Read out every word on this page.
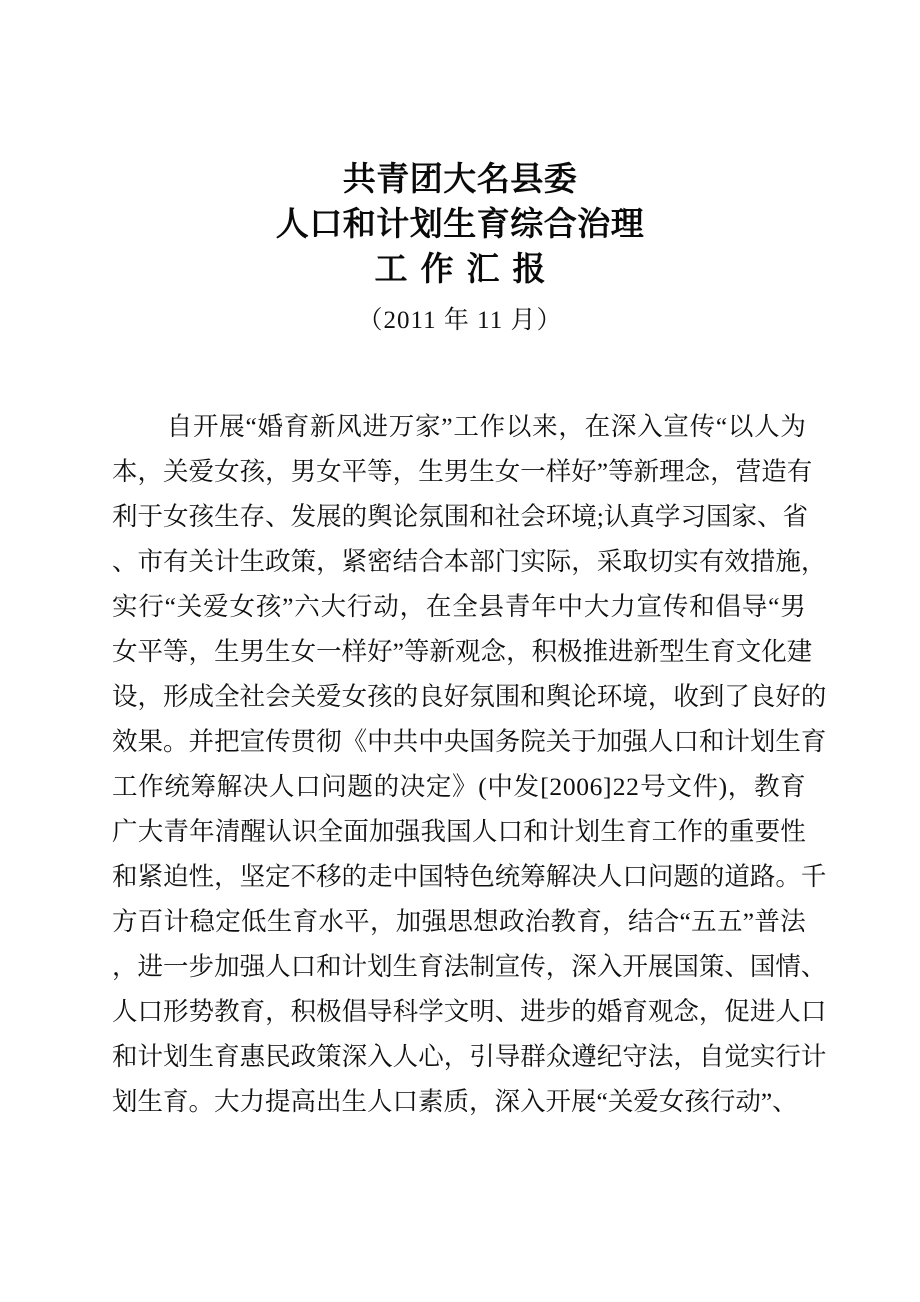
共青团大名县委
人口和计划生育综合治理
工作汇报
（2011 年 11 月）
自 开 展 “ 婚 育 新 风 进 万 家 ” 工 作 以 来 ， 在 深 入 宣 传 “ 以 人 为
本 ， 关 爱 女 孩 ， 男 女 平 等 ， 生 男 生 女 一 样 好 ” 等 新 理 念 ， 营 造 有
利 于 女 孩 生 存 、 发 展 的 舆 论 氛 围 和 社 会 环 境 ; 认 真 学 习 国 家 、 省
、 市 有 关 计 生 政 策 ， 紧 密 结 合 本 部 门 实 际 ， 采 取 切 实 有 效 措 施 ，
实 行 “ 关 爱 女 孩 ” 六 大 行 动 ， 在 全 县 青 年 中 大 力 宣 传 和 倡 导 “ 男
女 平 等 ， 生 男 生 女 一 样 好 ” 等 新 观 念 ， 积 极 推 进 新 型 生 育 文 化 建
设 ， 形 成 全 社 会 关 爱 女 孩 的 良 好 氛 围 和 舆 论 环 境 ， 收 到 了 良 好 的
效 果 。 并 把 宣 传 贯 彻 《 中 共 中 央 国 务 院 关 于 加 强 人 口 和 计 划 生 育
工 作 统 筹 解 决 人 口 问 题 的 决 定 》 ( 中 发 [ 2 0 0 6 ] 2 2 号 文 件 ) ， 教 育
广 大 青 年 清 醒 认 识 全 面 加 强 我 国 人 口 和 计 划 生 育 工 作 的 重 要 性
和 紧 迫 性 ， 坚 定 不 移 的 走 中 国 特 色 统 筹 解 决 人 口 问 题 的 道 路 。 千
方 百 计 稳 定 低 生 育 水 平 ， 加 强 思 想 政 治 教 育 ， 结 合 “ 五 五 ” 普 法
， 进 一 步 加 强 人 口 和 计 划 生 育 法 制 宣 传 ， 深 入 开 展 国 策 、 国 情 、
人 口 形 势 教 育 ， 积 极 倡 导 科 学 文 明 、 进 步 的 婚 育 观 念 ， 促 进 人 口
和 计 划 生 育 惠 民 政 策 深 入 人 心 ， 引 导 群 众 遵 纪 守 法 ， 自 觉 实 行 计
划生育。大力提高出生人口素质，深入开展“关爱女孩行动”、
